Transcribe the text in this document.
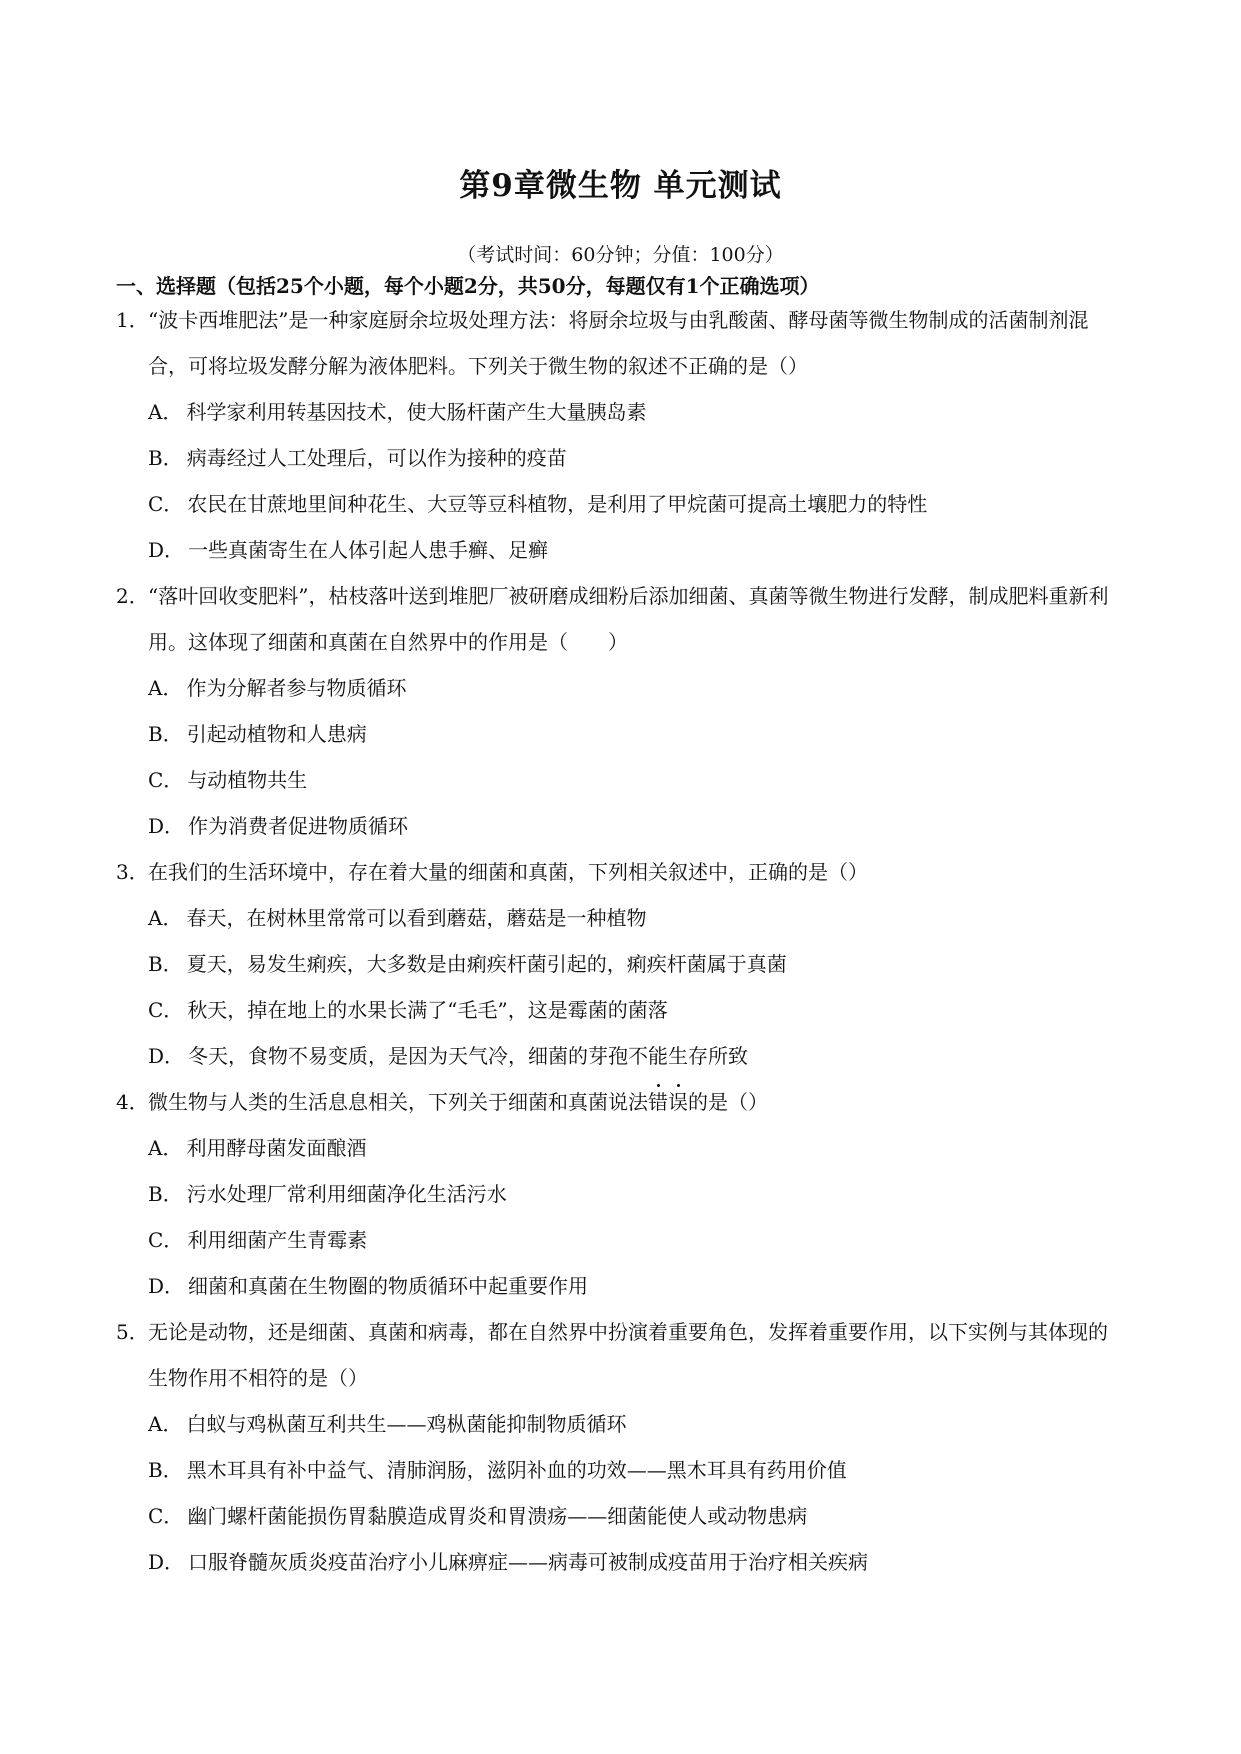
第9章微生物 单元测试
（考试时间：60分钟；分值：100分）
一、选择题（包括25个小题，每个小题2分，共50分，每题仅有1个正确选项）
1． “波卡西堆肥法”是一种家庭厨余垃圾处理方法：将厨余垃圾与由乳酸菌、酵母菌等微生物制成的活菌制剂混合，可将垃圾发酵分解为液体肥料。下列关于微生物的叙述不正确的是（）
A． 科学家利用转基因技术，使大肠杆菌产生大量胰岛素
B． 病毒经过人工处理后，可以作为接种的疫苗
C． 农民在甘蔗地里间种花生、大豆等豆科植物，是利用了甲烷菌可提高土壤肥力的特性
D． 一些真菌寄生在人体引起人患手癣、足癣
2． “落叶回收变肥料”，枯枝落叶送到堆肥厂被研磨成细粉后添加细菌、真菌等微生物进行发酵，制成肥料重新利用。这体现了细菌和真菌在自然界中的作用是（　　）
A． 作为分解者参与物质循环
B． 引起动植物和人患病
C． 与动植物共生
D． 作为消费者促进物质循环
3． 在我们的生活环境中，存在着大量的细菌和真菌，下列相关叙述中，正确的是（）
A． 春天，在树林里常常可以看到蘑菇，蘑菇是一种植物
B． 夏天，易发生痢疾，大多数是由痢疾杆菌引起的，痢疾杆菌属于真菌
C． 秋天，掉在地上的水果长满了“毛毛”，这是霉菌的菌落
D． 冬天，食物不易变质，是因为天气冷，细菌的芽孢不能生存所致
4． 微生物与人类的生活息息相关，下列关于细菌和真菌说法错误的是（）
A． 利用酵母菌发面酿酒
B． 污水处理厂常利用细菌净化生活污水
C． 利用细菌产生青霉素
D． 细菌和真菌在生物圈的物质循环中起重要作用
5． 无论是动物，还是细菌、真菌和病毒，都在自然界中扮演着重要角色，发挥着重要作用，以下实例与其体现的生物作用不相符的是（）
A． 白蚁与鸡枞菌互利共生——鸡枞菌能抑制物质循环
B． 黑木耳具有补中益气、清肺润肠，滋阴补血的功效——黑木耳具有药用价值
C． 幽门螺杆菌能损伤胃黏膜造成胃炎和胃溃疡——细菌能使人或动物患病
D． 口服脊髓灰质炎疫苗治疗小儿麻痹症——病毒可被制成疫苗用于治疗相关疾病
